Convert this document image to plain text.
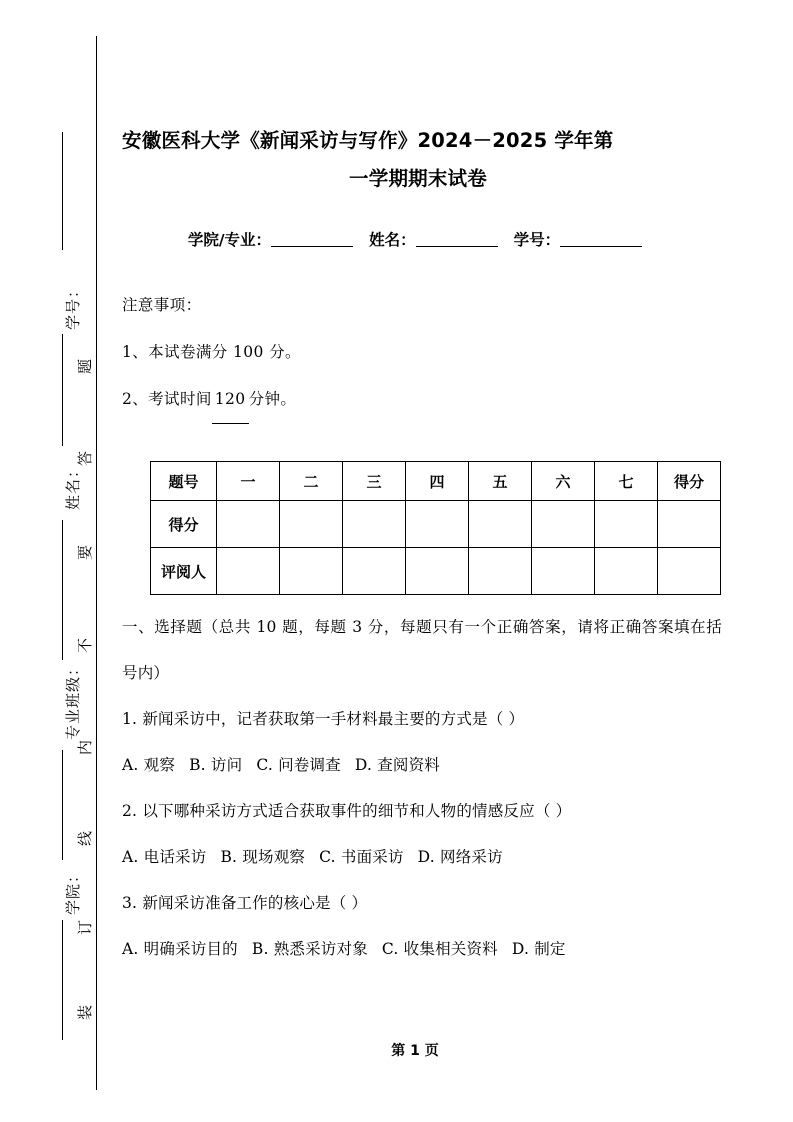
学号：
姓名：
专业班级：
学院：
题
答
要
不
内
线
订
装
安徽医科大学《新闻采访与写作》2024－2025 学年第
一学期期末试卷
学院/专业：	姓名：	学号：
注意事项：
1、本试卷满分 100 分。
2、考试时间 120 分钟。
题号	一	二	三	四	五	六	七	得分
得分								
评阅人								
一、选择题（总共 10 题，每题 3 分，每题只有一个正确答案，请将正确答案填在括号内）
1. 新闻采访中，记者获取第一手材料最主要的方式是（ ）
A. 观察 B. 访问 C. 问卷调查 D. 查阅资料
2. 以下哪种采访方式适合获取事件的细节和人物的情感反应（ ）
A. 电话采访 B. 现场观察 C. 书面采访 D. 网络采访
3. 新闻采访准备工作的核心是（ ）
A. 明确采访目的 B. 熟悉采访对象 C. 收集相关资料 D. 制定
第 1 页
